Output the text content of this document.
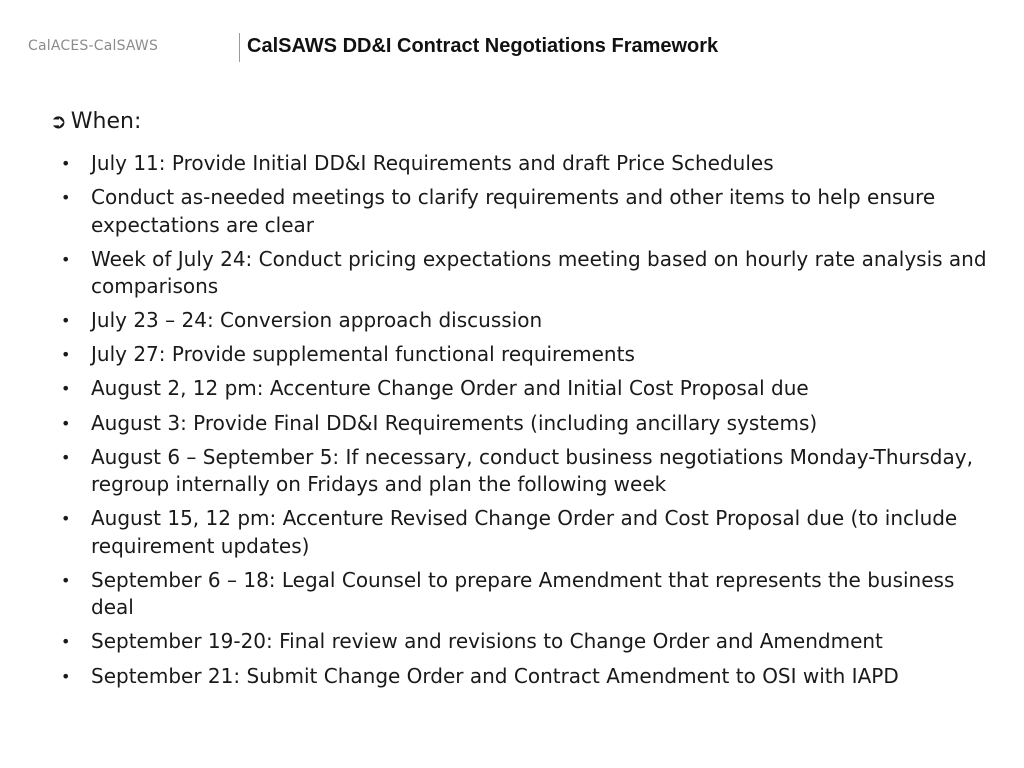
CalACES-CalSAWS	CalSAWS DD&I Contract Negotiations Framework
➲ When:
• July 11: Provide Initial DD&I Requirements and draft Price Schedules
• Conduct as-needed meetings to clarify requirements and other items to help ensure expectations are clear
• Week of July 24: Conduct pricing expectations meeting based on hourly rate analysis and comparisons
• July 23 – 24: Conversion approach discussion
• July 27: Provide supplemental functional requirements
• August 2, 12 pm: Accenture Change Order and Initial Cost Proposal due
• August 3: Provide Final DD&I Requirements (including ancillary systems)
• August 6 – September 5: If necessary, conduct business negotiations Monday-Thursday, regroup internally on Fridays and plan the following week
• August 15, 12 pm: Accenture Revised Change Order and Cost Proposal due (to include requirement updates)
• September 6 – 18: Legal Counsel to prepare Amendment that represents the business deal
• September 19-20: Final review and revisions to Change Order and Amendment
• September 21: Submit Change Order and Contract Amendment to OSI with IAPD
